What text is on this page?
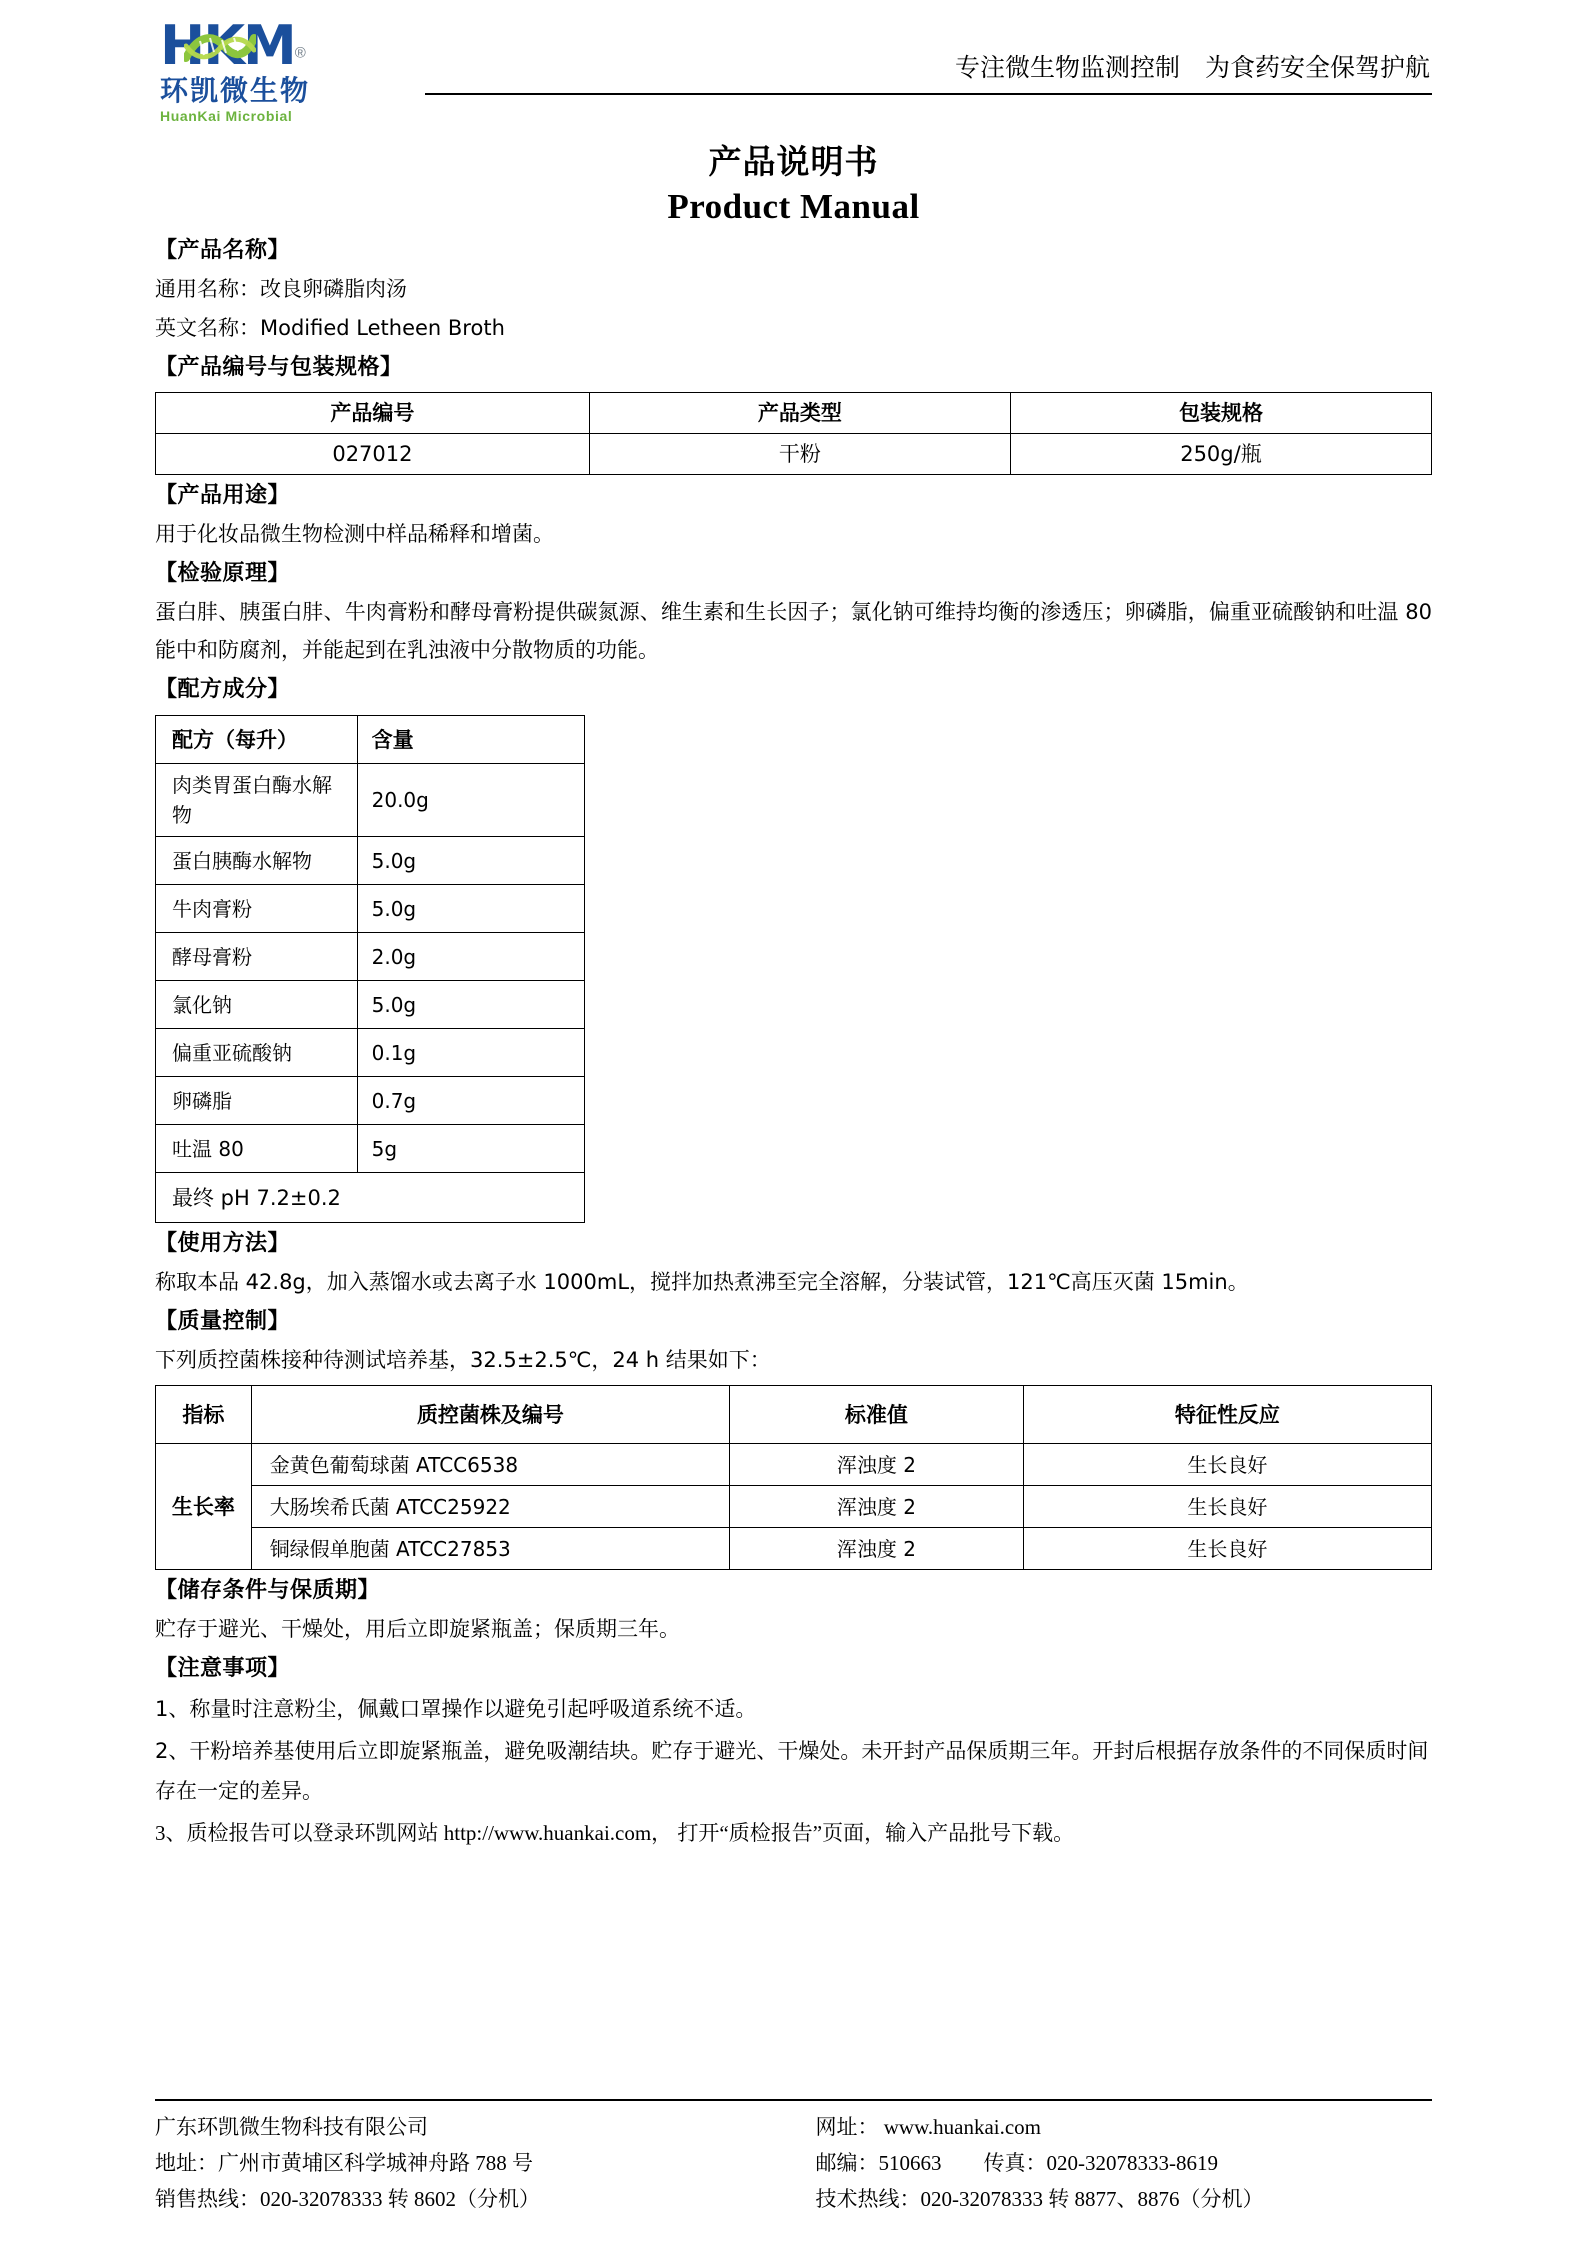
HKM®
环凯微生物
HuanKai Microbial
专注微生物监测控制　为食药安全保驾护航
产品说明书
Product Manual
【产品名称】
通用名称：改良卵磷脂肉汤
英文名称：Modified Letheen Broth
【产品编号与包装规格】
产品编号	产品类型	包装规格
027012	干粉	250g/瓶
【产品用途】
用于化妆品微生物检测中样品稀释和增菌。
【检验原理】
蛋白肨、胰蛋白肨、牛肉膏粉和酵母膏粉提供碳氮源、维生素和生长因子；氯化钠可维持均衡的渗透压；卵磷脂，偏重亚硫酸钠和吐温 80 能中和防腐剂，并能起到在乳浊液中分散物质的功能。
【配方成分】
配方（每升）	含量
肉类胃蛋白酶水解物	20.0g
蛋白胰酶水解物	5.0g
牛肉膏粉	5.0g
酵母膏粉	2.0g
氯化钠	5.0g
偏重亚硫酸钠	0.1g
卵磷脂	0.7g
吐温 80	5g
最终 pH 7.2±0.2	
【使用方法】
称取本品 42.8g，加入蒸馏水或去离子水 1000mL，搅拌加热煮沸至完全溶解，分装试管，121℃高压灭菌 15min。
【质量控制】
下列质控菌株接种待测试培养基，32.5±2.5℃，24 h 结果如下：
指标	质控菌株及编号	标准值	特征性反应
生长率	金黄色葡萄球菌 ATCC6538	浑浊度 2	生长良好
	大肠埃希氏菌 ATCC25922	浑浊度 2	生长良好
	铜绿假单胞菌 ATCC27853	浑浊度 2	生长良好
【储存条件与保质期】
贮存于避光、干燥处，用后立即旋紧瓶盖；保质期三年。
【注意事项】
1、称量时注意粉尘，佩戴口罩操作以避免引起呼吸道系统不适。
2、干粉培养基使用后立即旋紧瓶盖，避免吸潮结块。贮存于避光、干燥处。未开封产品保质期三年。开封后根据存放条件的不同保质时间存在一定的差异。
3、质检报告可以登录环凯网站 http://www.huankai.com， 打开“质检报告”页面，输入产品批号下载。
广东环凯微生物科技有限公司
地址：广州市黄埔区科学城神舟路 788 号
销售热线：020-32078333 转 8602（分机）
网址： www.huankai.com
邮编：510663　　传真：020-32078333-8619
技术热线：020-32078333 转 8877、8876（分机）
